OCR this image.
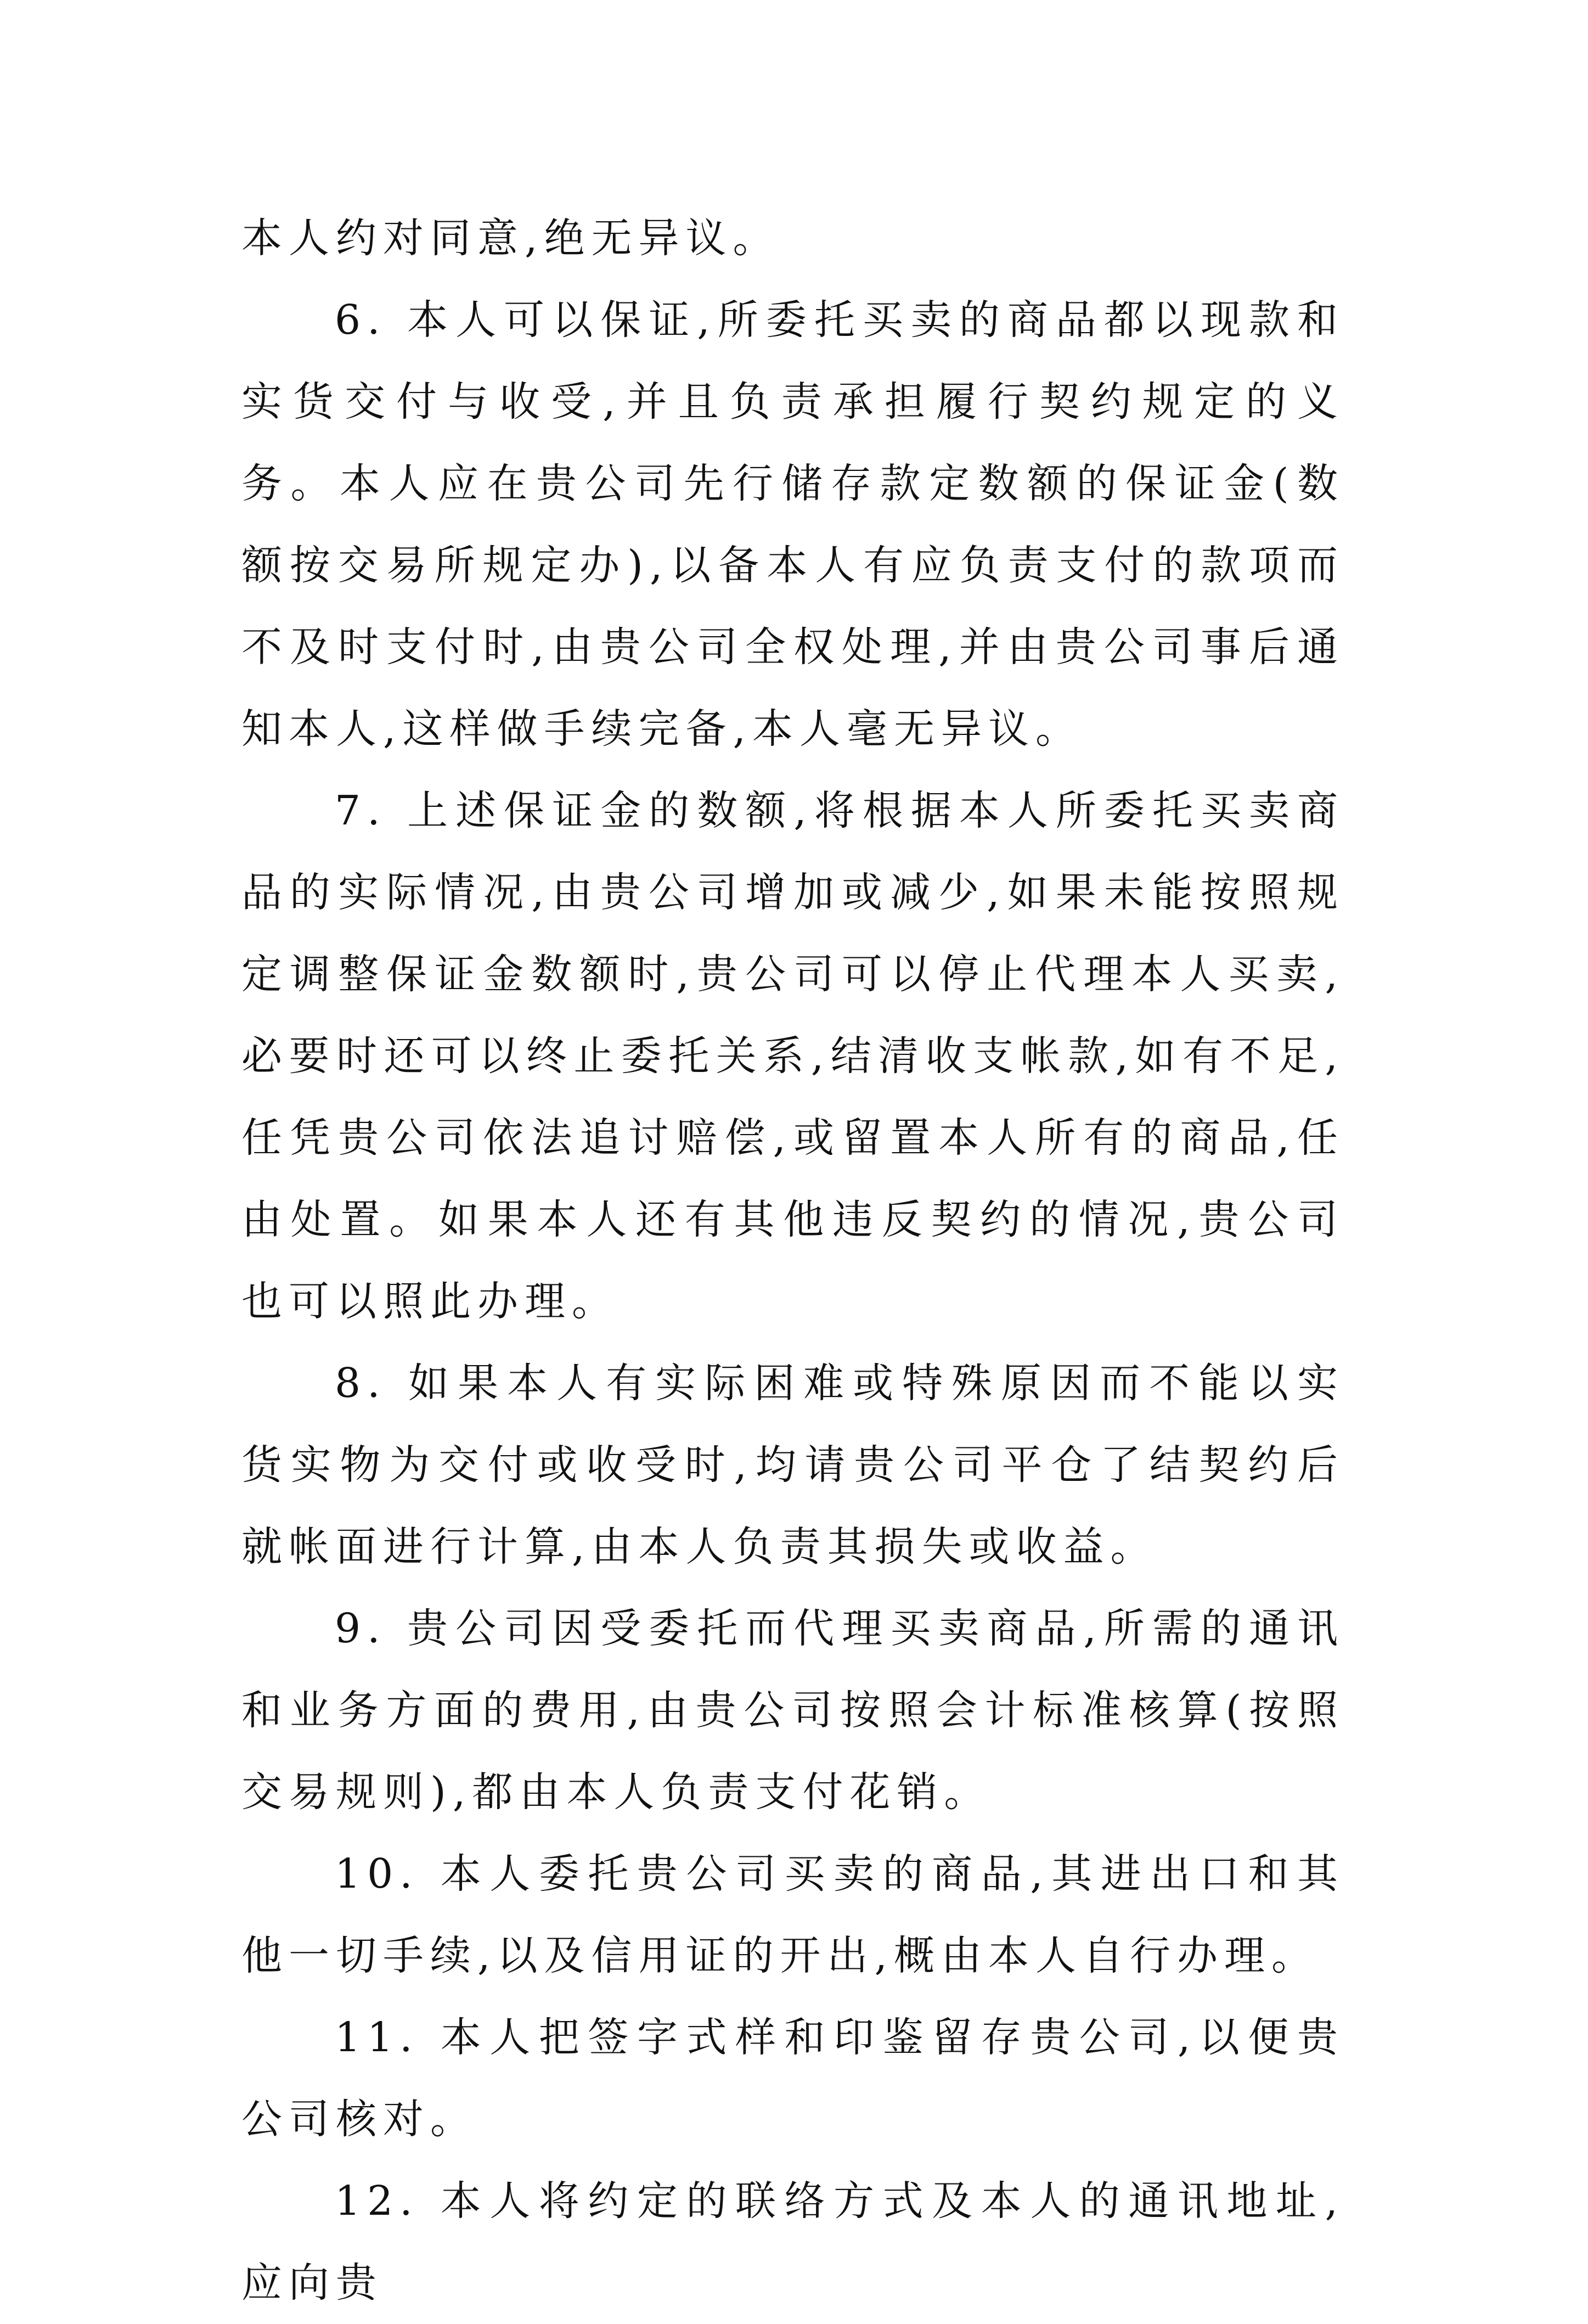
本人约对同意,绝无异议。

6. 本人可以保证,所委托买卖的商品都以现款和实货交付与收受,并且负责承担履行契约规定的义务。本人应在贵公司先行储存款定数额的保证金(数额按交易所规定办),以备本人有应负责支付的款项而不及时支付时,由贵公司全权处理,并由贵公司事后通知本人,这样做手续完备,本人毫无异议。

7. 上述保证金的数额,将根据本人所委托买卖商品的实际情况,由贵公司增加或减少,如果未能按照规定调整保证金数额时,贵公司可以停止代理本人买卖,必要时还可以终止委托关系,结清收支帐款,如有不足,任凭贵公司依法追讨赔偿,或留置本人所有的商品,任由处置。如果本人还有其他违反契约的情况,贵公司也可以照此办理。

8. 如果本人有实际困难或特殊原因而不能以实货实物为交付或收受时,均请贵公司平仓了结契约后就帐面进行计算,由本人负责其损失或收益。

9. 贵公司因受委托而代理买卖商品,所需的通讯和业务方面的费用,由贵公司按照会计标准核算(按照交易规则),都由本人负责支付花销。

10. 本人委托贵公司买卖的商品,其进出口和其他一切手续,以及信用证的开出,概由本人自行办理。

11. 本人把签字式样和印鉴留存贵公司,以便贵公司核对。

12. 本人将约定的联络方式及本人的通讯地址,应向贵
